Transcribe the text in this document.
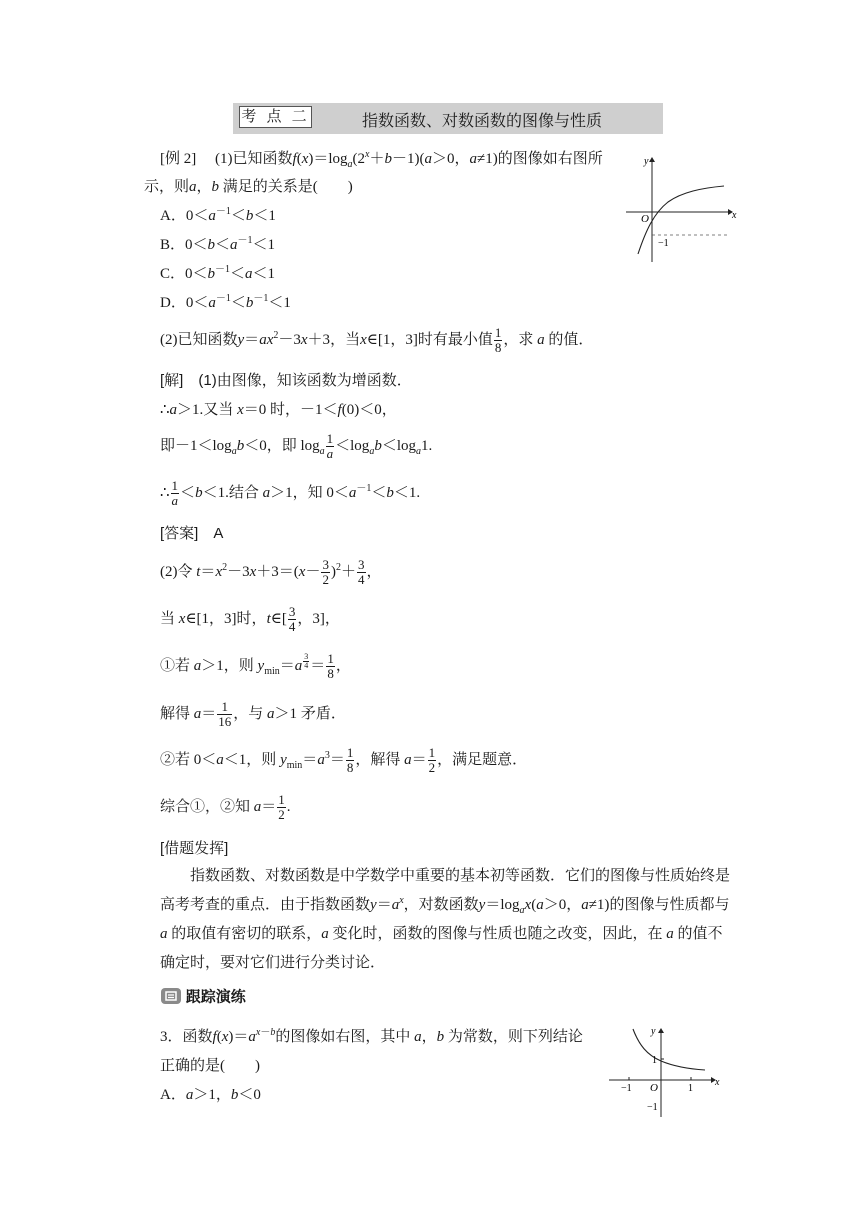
考 点 二	指数函数、对数函数的图像与性质
[例 2]　 (1)已知函数$f(x)=\log_a(2^x+b-1)(a>0$，a≠1)的图像如右图所
示，则a，b 满足的关系是(　　)
A．$0<a^{-1}<b<1$
B．$0<b<a^{-1}<1$
C．$0<b^{-1}<a<1$
D．$0<a^{-1}<b^{-1}<1$
(2)已知函数$y=ax^2-3x+3$，当x∈[1，3]时有最小值 $\frac{1}{8}$ ，求 a 的值．
x
y
O
−1
[解]　 (1)由图像，知该函数为增函数．
∴a＞1.又当 x＝0 时，－1＜f(0)＜0，
即$-1<\log_ab<0$，即 $\log_a \frac{1}{a} <\log_ab<\log_a1$.
∴ $\frac{1}{a} <b<1$.结合 a＞1，知 $0<a^{-1}<b<1$.
[答案]　 A
(2)令 $t=x^2-3x+3=(x- \frac{3}{2} )^2+ \frac{3}{4}$ ，
当 x∈[1，3]时，t∈[ $\frac{3}{4}$ ，3]，
①若 a＞1，则 $y_{min}=a$ $^{\frac{3}{4}} = \frac{1}{8}$ ，
解得 $a= \frac{1}{16}$ ，与 a＞1 矛盾．
②若 0＜a＜1，则 $y_{min}=a^3= \frac{1}{8}$ ，解得 $a= \frac{1}{2}$ ，满足题意．
综合①，②知 $a= \frac{1}{2}$ .
[借题发挥]
指数函数、对数函数是中学数学中重要的基本初等函数．它们的图像与性质始终是高考考查的重点．由于指数函数$y=a^x$，对数函数$y=\log_ax(a>0$，a≠1)的图像与性质都与 a 的取值有密切的联系，a 变化时，函数的图像与性质也随之改变，因此，在 a 的值不确定时，要对它们进行分类讨论．
跟踪演练
3．函数$f(x)=a^{x-b}$的图像如右图，其中 a，b 为常数，则下列结论
正确的是(　　)
A．a＞1，b＜0
x
y
O
−1	1
1
−1
